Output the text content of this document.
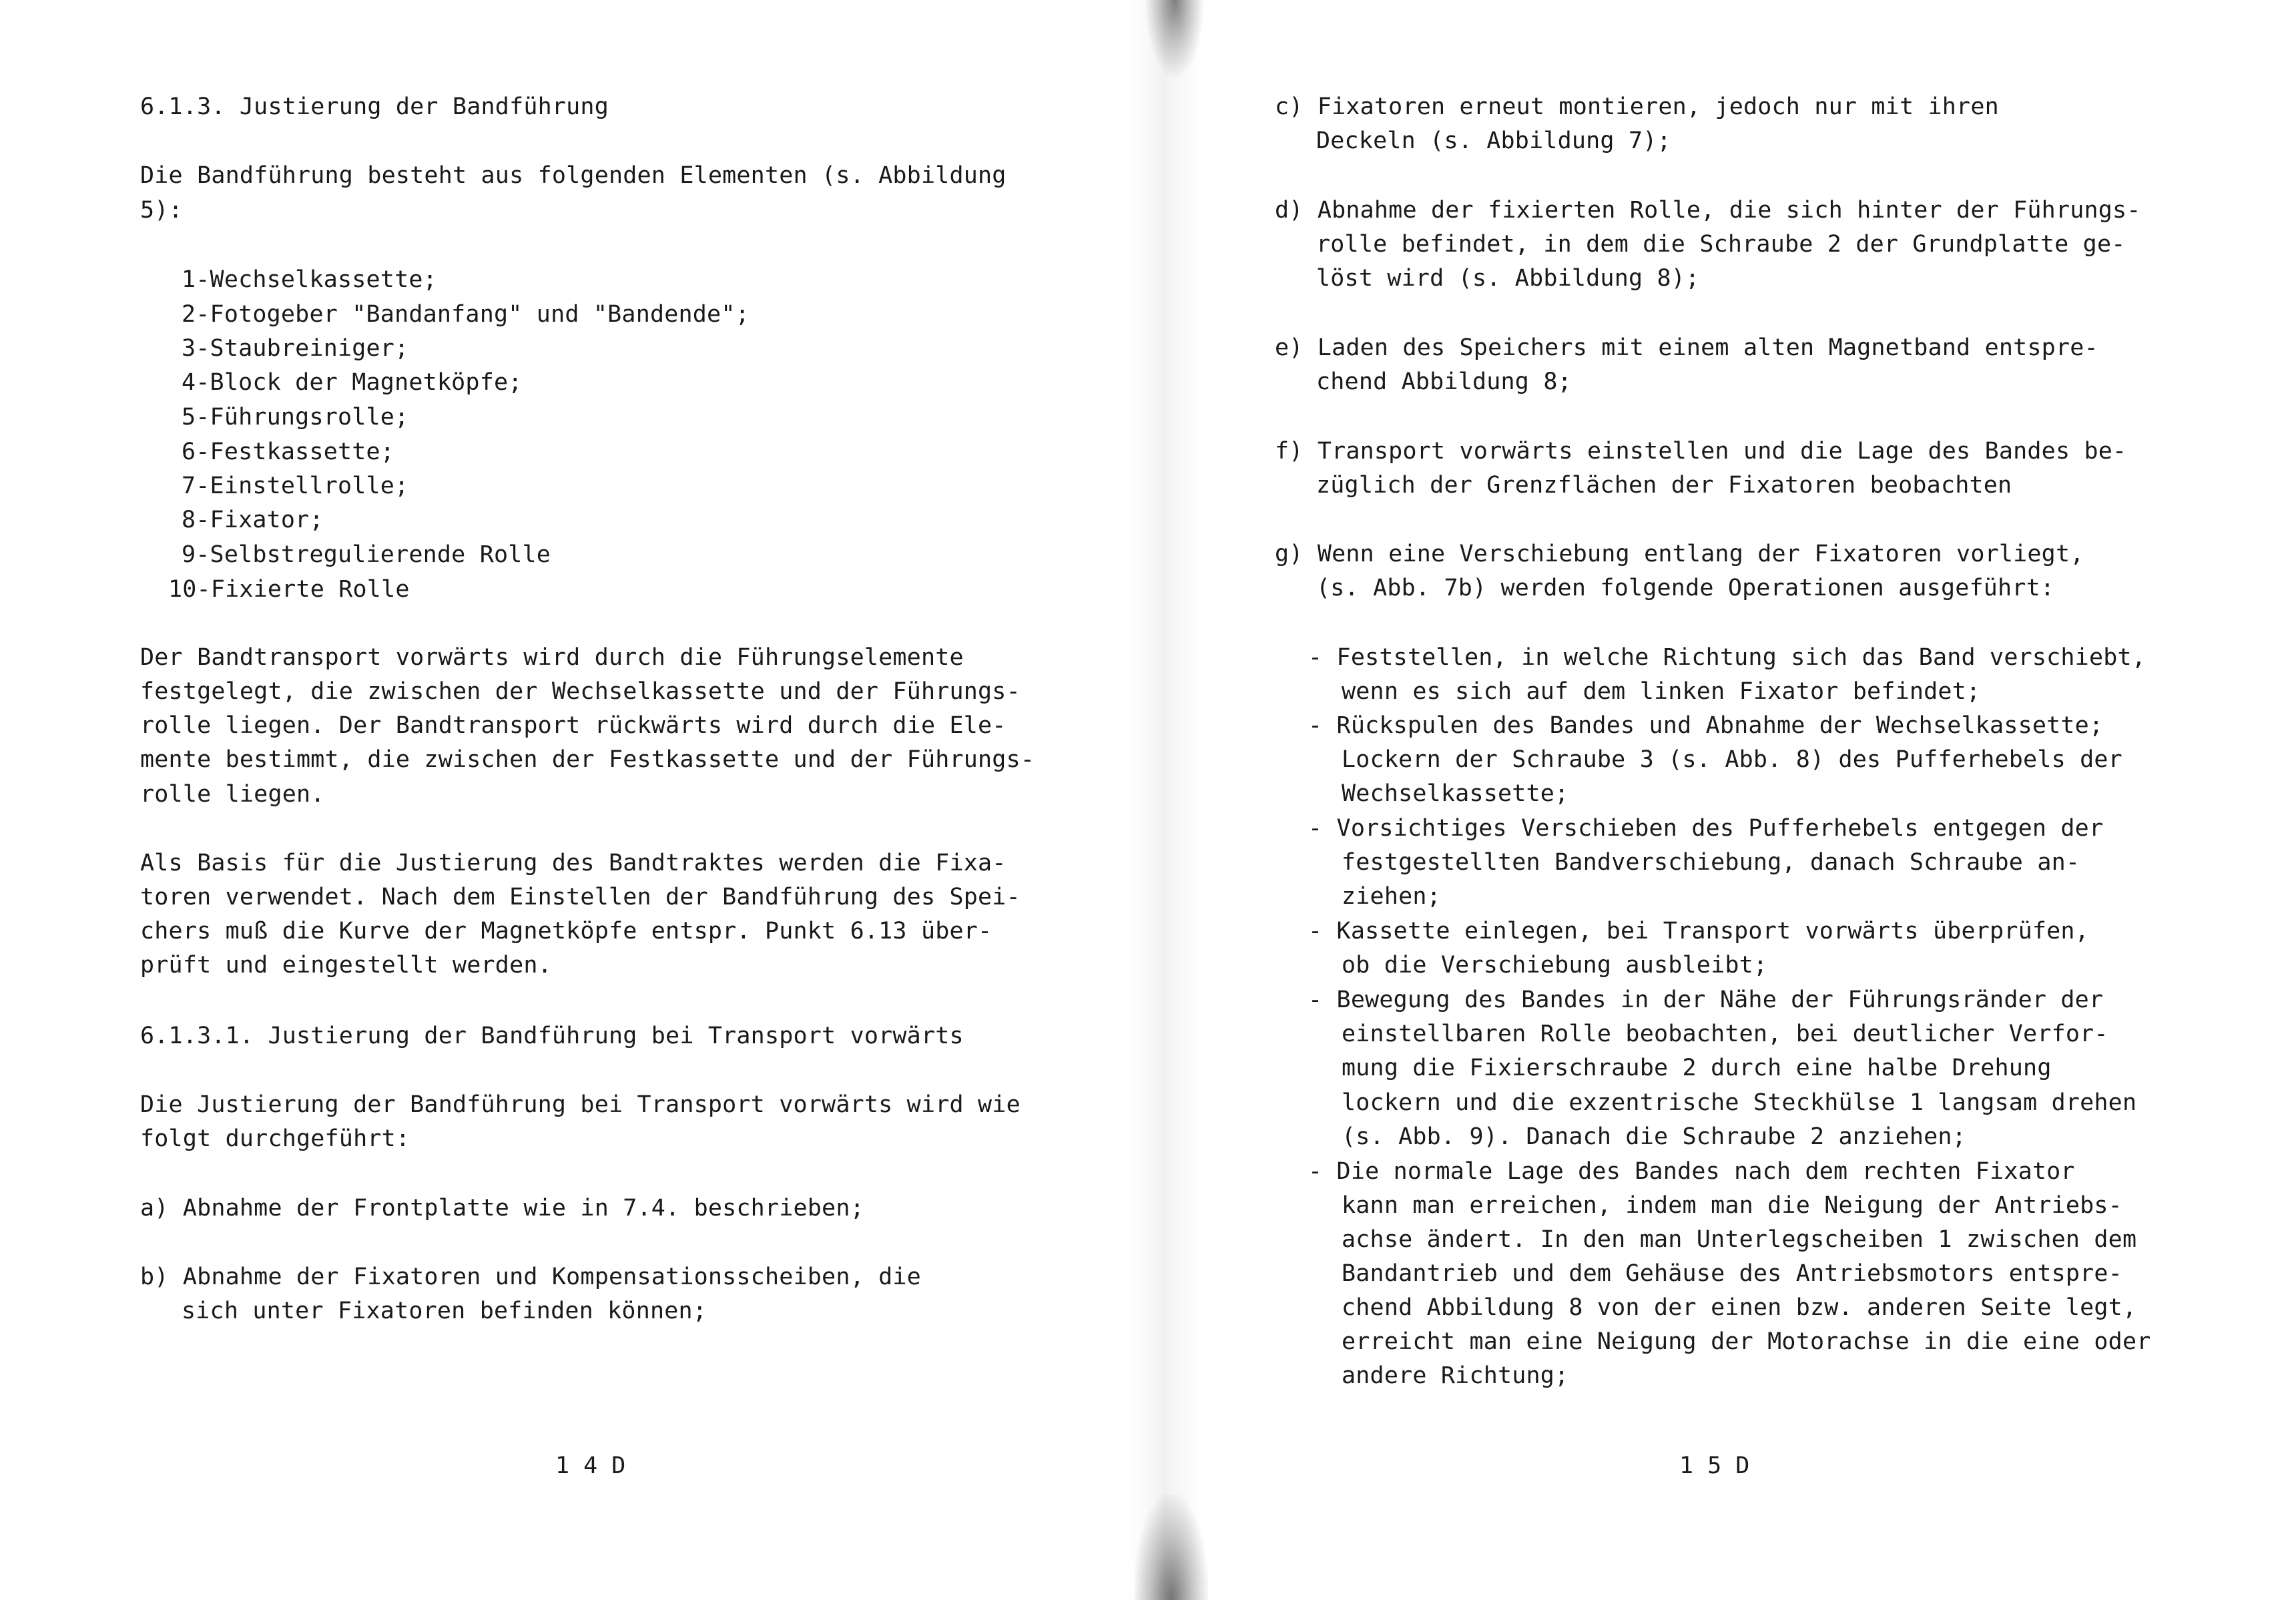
6.1.3. Justierung der Bandführung

Die Bandführung besteht aus folgenden Elementen (s. Abbildung

5):

1-Wechselkassette;

2-Fotogeber "Bandanfang" und "Bandende";

3-Staubreiniger;

4-Block der Magnetköpfe;

5-Führungsrolle;

6-Festkassette;

7-Einstellrolle;

8-Fixator;

9-Selbstregulierende Rolle

10-Fixierte Rolle

Der Bandtransport vorwärts wird durch die Führungselemente

festgelegt, die zwischen der Wechselkassette und der Führungs-

rolle liegen. Der Bandtransport rückwärts wird durch die Ele-

mente bestimmt, die zwischen der Festkassette und der Führungs-

rolle liegen.

Als Basis für die Justierung des Bandtraktes werden die Fixa-

toren verwendet. Nach dem Einstellen der Bandführung des Spei-

chers muß die Kurve der Magnetköpfe entspr. Punkt 6.13 über-

prüft und eingestellt werden.

6.1.3.1. Justierung der Bandführung bei Transport vorwärts

Die Justierung der Bandführung bei Transport vorwärts wird wie

folgt durchgeführt:

a) Abnahme der Frontplatte wie in 7.4. beschrieben;

b) Abnahme der Fixatoren und Kompensationsscheiben, die

sich unter Fixatoren befinden können;

1 4 D

c) Fixatoren erneut montieren, jedoch nur mit ihren

Deckeln (s. Abbildung 7);

d) Abnahme der fixierten Rolle, die sich hinter der Führungs-

rolle befindet, in dem die Schraube 2 der Grundplatte ge-

löst wird (s. Abbildung 8);

e) Laden des Speichers mit einem alten Magnetband entspre-

chend Abbildung 8;

f) Transport vorwärts einstellen und die Lage des Bandes be-

züglich der Grenzflächen der Fixatoren beobachten

g) Wenn eine Verschiebung entlang der Fixatoren vorliegt,

(s. Abb. 7b) werden folgende Operationen ausgeführt:

- Feststellen, in welche Richtung sich das Band verschiebt,

wenn es sich auf dem linken Fixator befindet;

- Rückspulen des Bandes und Abnahme der Wechselkassette;

Lockern der Schraube 3 (s. Abb. 8) des Pufferhebels der

Wechselkassette;

- Vorsichtiges Verschieben des Pufferhebels entgegen der

festgestellten Bandverschiebung, danach Schraube an-

ziehen;

- Kassette einlegen, bei Transport vorwärts überprüfen,

ob die Verschiebung ausbleibt;

- Bewegung des Bandes in der Nähe der Führungsränder der

einstellbaren Rolle beobachten, bei deutlicher Verfor-

mung die Fixierschraube 2 durch eine halbe Drehung

lockern und die exzentrische Steckhülse 1 langsam drehen

(s. Abb. 9). Danach die Schraube 2 anziehen;

- Die normale Lage des Bandes nach dem rechten Fixator

kann man erreichen, indem man die Neigung der Antriebs-

achse ändert. In den man Unterlegscheiben 1 zwischen dem

Bandantrieb und dem Gehäuse des Antriebsmotors entspre-

chend Abbildung 8 von der einen bzw. anderen Seite legt,

erreicht man eine Neigung der Motorachse in die eine oder

andere Richtung;

1 5 D
